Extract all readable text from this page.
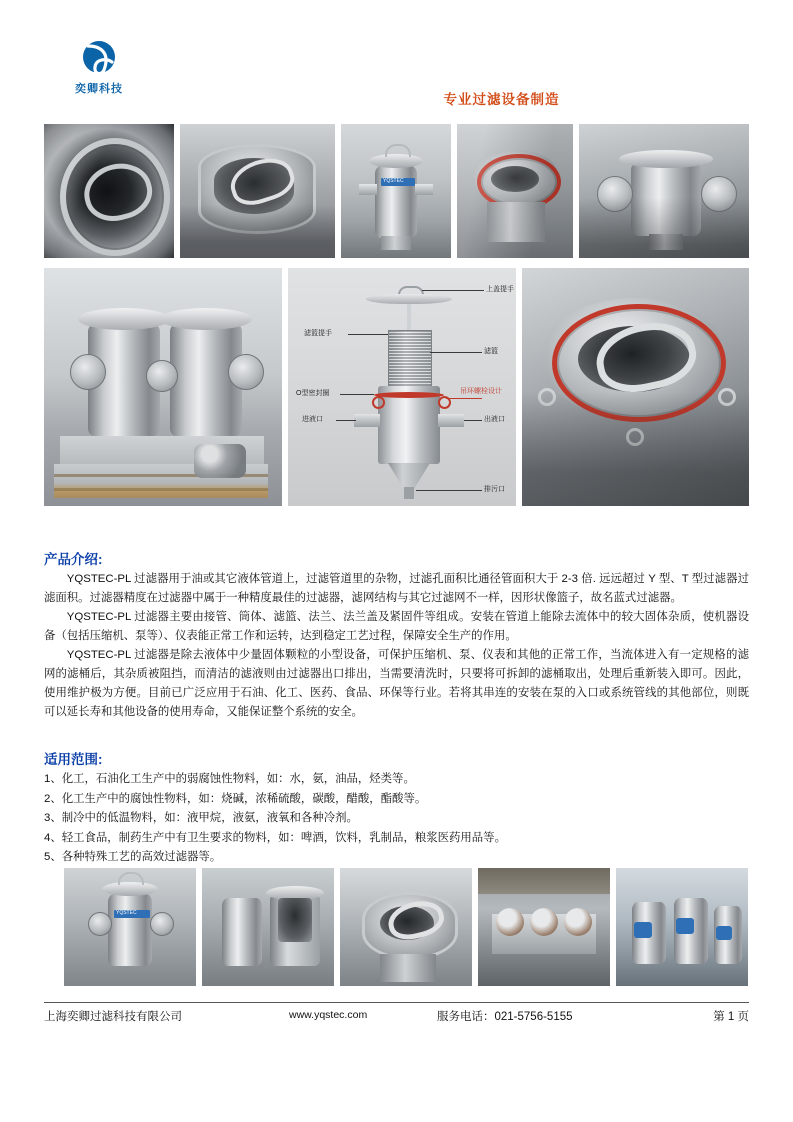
奕卿科技
专业过滤设备制造
YQSTEC
上盖提手
滤篮提手
滤篮
吊环螺栓设计
O型密封圈
进液口	出液口
排污口
产品介绍:

YQSTEC-PL 过滤器用于油或其它液体管道上，过滤管道里的杂物，过滤孔面积比通径管面积大于 2-3 倍. 远远超过 Y 型、T 型过滤器过滤面积。过滤器精度在过滤器中属于一种精度最佳的过滤器，滤网结构与其它过滤网不一样，因形状像篮子，故名蓝式过滤器。

YQSTEC-PL 过滤器主要由接管、筒体、滤篮、法兰、法兰盖及紧固件等组成。安装在管道上能除去流体中的较大固体杂质，使机器设备（包括压缩机、泵等）、仪表能正常工作和运转，达到稳定工艺过程，保障安全生产的作用。

YQSTEC-PL 过滤器是除去液体中少量固体颗粒的小型设备，可保护压缩机、泵、仪表和其他的正常工作，当流体进入有一定规格的滤网的滤桶后，其杂质被阻挡，而清洁的滤液则由过滤器出口排出，当需要清洗时，只要将可拆卸的滤桶取出，处理后重新装入即可。因此，使用维护极为方便。目前已广泛应用于石油、化工、医药、食品、环保等行业。若将其串连的安装在泵的入口或系统管线的其他部位，则既可以延长寿和其他设备的使用寿命，又能保证整个系统的安全。

适用范围:
1、化工，石油化工生产中的弱腐蚀性物料，如：水，氨，油品，烃类等。
2、化工生产中的腐蚀性物料，如：烧碱，浓稀硫酸，碳酸，醋酸，酯酸等。
3、制冷中的低温物料，如：液甲烷，液氨，液氧和各种冷剂。
4、轻工食品，制药生产中有卫生要求的物料，如：啤酒，饮料，乳制品，粮浆医药用品等。
5、各种特殊工艺的高效过滤器等。
YQSTEC
上海奕卿过滤科技有限公司	www.yqstec.com	服务电话：021-5756-5155	第 1 页
